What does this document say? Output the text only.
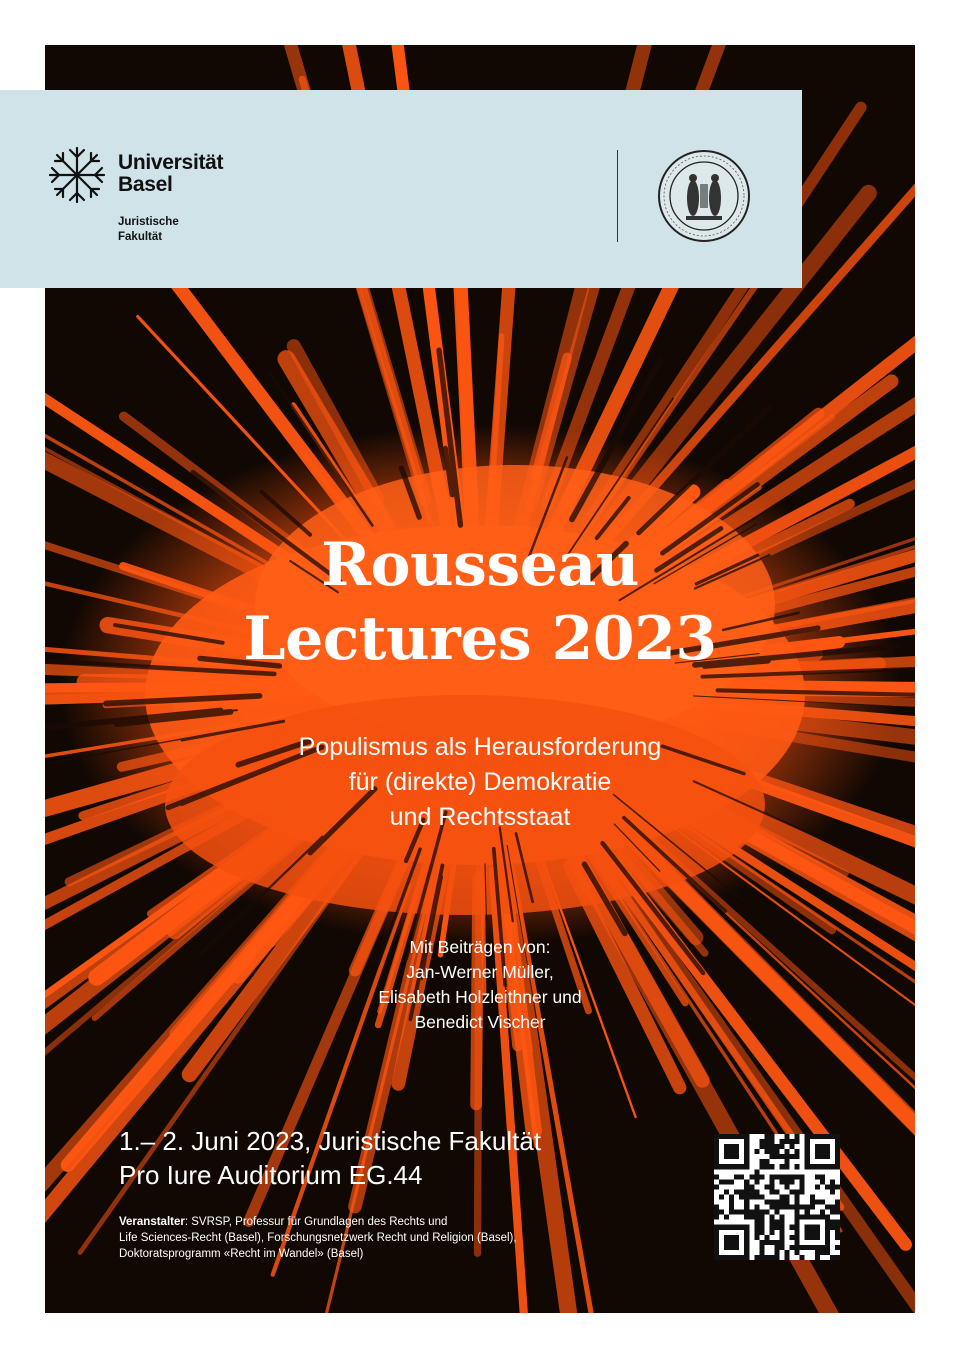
Universität
Basel
Juristische
Fakultät
Rousseau
Lectures 2023
Populismus als Herausforderung
für (direkte) Demokratie
und Rechtsstaat
Mit Beiträgen von:
Jan-Werner Müller,
Elisabeth Holzleithner und
Benedict Vischer
1.– 2. Juni 2023, Juristische Fakultät
Pro Iure Auditorium EG.44
Veranstalter: SVRSP, Professur für Grundlagen des Rechts und
Life Sciences-Recht (Basel), Forschungsnetzwerk Recht und Religion (Basel),
Doktoratsprogramm «Recht im Wandel» (Basel)
